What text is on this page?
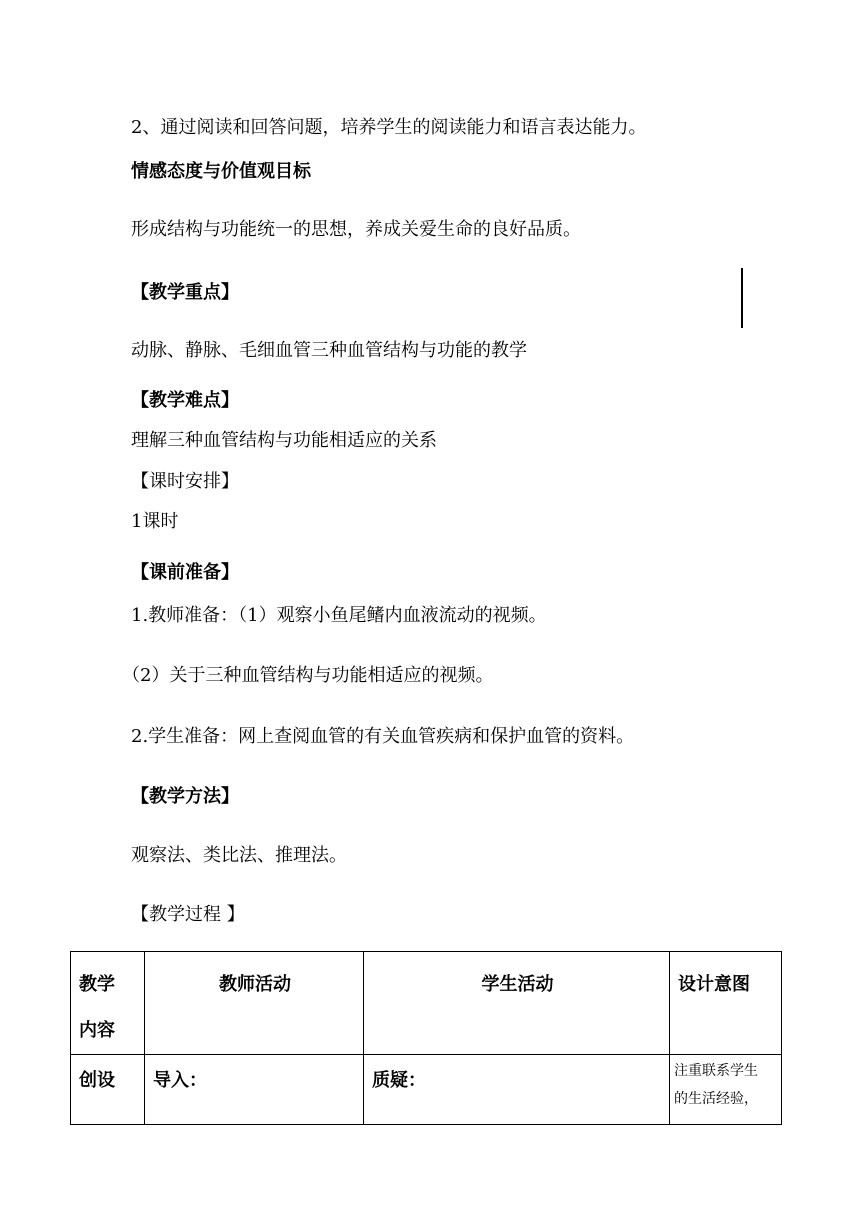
2、通过阅读和回答问题，培养学生的阅读能力和语言表达能力。
情感态度与价值观目标
形成结构与功能统一的思想，养成关爱生命的良好品质。
【教学重点】
动脉、静脉、毛细血管三种血管结构与功能的教学
【教学难点】
理解三种血管结构与功能相适应的关系
【课时安排】
1课时
【课前准备】
1.教师准备：（1）观察小鱼尾鳍内血液流动的视频。
（2）关于三种血管结构与功能相适应的视频。
2.学生准备：网上查阅血管的有关血管疾病和保护血管的资料。
【教学方法】
观察法、类比法、推理法。
【教学过程 】
教学
内容	教师活动	学生活动	设计意图

创设	导入：	质疑：	注重联系学生
的生活经验，
